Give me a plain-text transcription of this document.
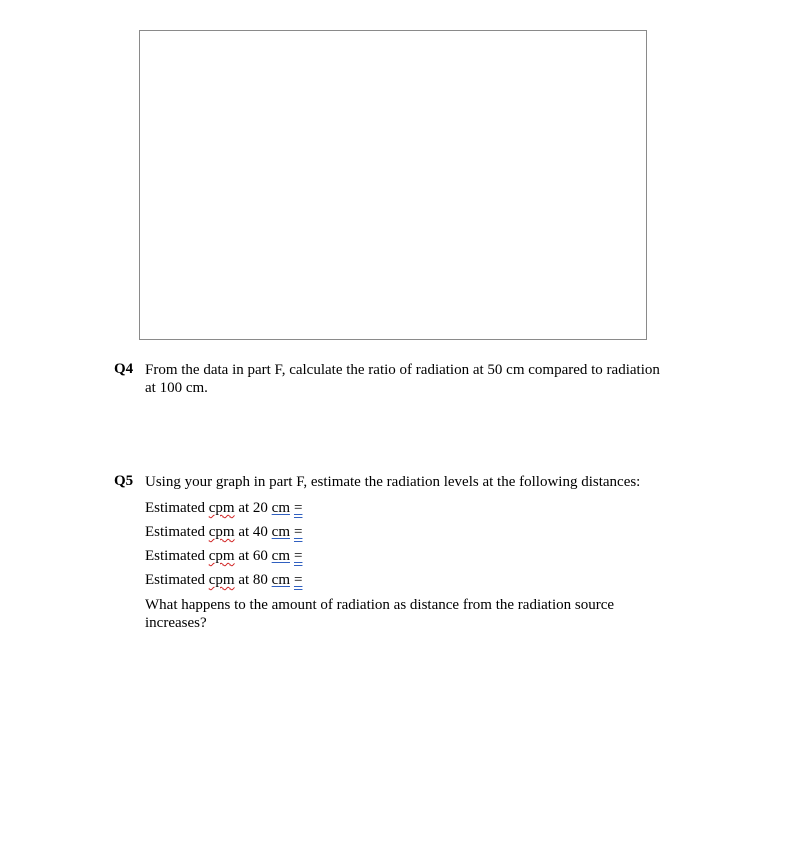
Q4 From the data in part F, calculate the ratio of radiation at 50 cm compared to radiation at 100 cm.
Q5 Using your graph in part F, estimate the radiation levels at the following distances:
Estimated cpm at 20 cm =
Estimated cpm at 40 cm =
Estimated cpm at 60 cm =
Estimated cpm at 80 cm =
What happens to the amount of radiation as distance from the radiation source increases?
